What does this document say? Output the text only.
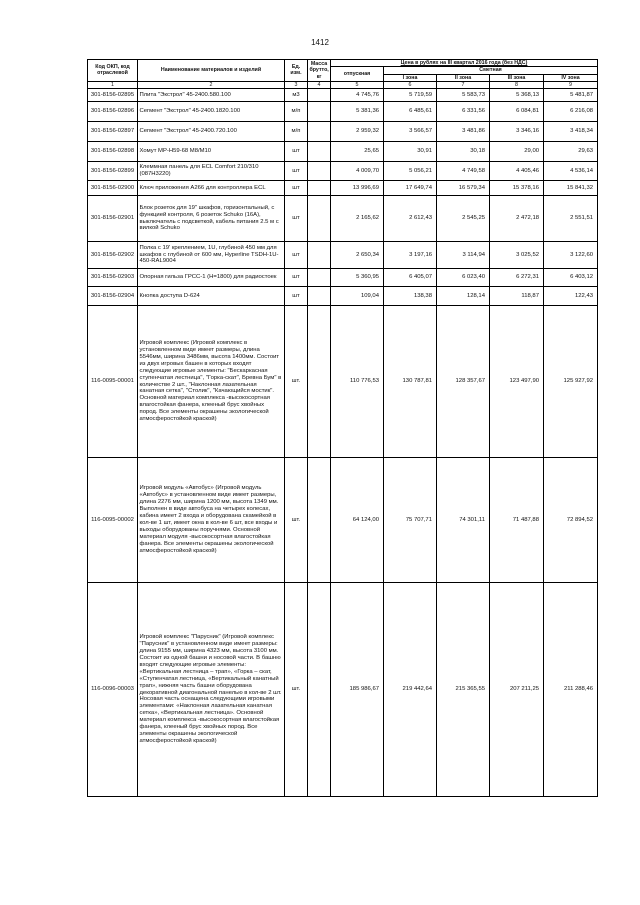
1412
Код ОКП, код отраслевой	Наименование материалов и изделий	Ед. изм.	Масса брутто, кг	Цена в рублях на III квартал 2016 года (без НДС)				
				отпускная	Сметная			
					I зона	II зона	III зона	IV зона
1	2	3	4	5	6	7	8	9
301-8156-02895	Плита "Экстрол" 45-2400.580.100	м3		4 745,76	5 719,59	5 583,73	5 368,13	5 481,87
301-8156-02896	Сегмент "Экстрол" 45-2400.1820.100	м/п		5 381,36	6 485,61	6 331,56	6 084,81	6 216,08
301-8156-02897	Сегмент "Экстрол" 45-2400.720.100	м/п		2 959,32	3 566,57	3 481,86	3 346,16	3 418,34
301-8156-02898	Хомут MP-H59-68 M8/M10	шт		25,65	30,91	30,18	29,00	29,63
301-8156-02899	Клеммная панель для ECL Comfort 210/310 (087H3220)	шт		4 009,70	5 056,21	4 749,58	4 405,46	4 536,14
301-8156-02900	Ключ приложения A266 для контроллера ECL	шт		13 996,69	17 649,74	16 579,34	15 378,16	15 841,32
301-8156-02901	Блок розеток для 19" шкафов, горизонтальный, с функцией контроля, 6 розеток Schuko (16A), выключатель с подсветкой, кабель питания 2.5 м с вилкой Schuko	шт		2 165,62	2 612,43	2 545,25	2 472,18	2 551,51
301-8156-02902	Полка с 19' креплением, 1U, глубиной 450 мм для шкафов с глубиной от 600 мм, Hyperline TSDH-1U-450-RAL9004	шт		2 650,34	3 197,16	3 114,94	3 025,52	3 122,60
301-8156-02903	Опорная гильза ГРСС-1 (Н=1800) для радиостоек	шт		5 360,95	6 405,07	6 023,40	6 272,31	6 403,12
301-8156-02904	Кнопка доступа D-624	шт		109,04	138,38	128,14	118,87	122,43
116-0095-00001	Игровой комплекс (Игровой комплекс в установленном виде имеет размеры, длина 5546мм, ширина 3486мм, высота 1400мм. Состоит из двух игровых башен в которых входят следующие игровые элементы: "Бескаркасная ступенчатая лестница", "Горка-скат", Бревна Бум" в количестве 2 шт., "Наклонная лазательная канатная сетка", "Столик", "Качающийся мостик". Основной материал комплекса -высокосортная влагостойкая фанера, клееный брус хвойных пород. Все элементы окрашены экологической атмосферостойкой краской)	шт.		110 776,53	130 787,81	128 357,67	123 497,90	125 927,92
116-0095-00002	Игровой модуль «Автобус» (Игровой модуль «Автобус» в установленном виде имеет размеры, длина 2276 мм, ширина 1200 мм, высота 1349 мм. Выполнен в виде автобуса на четырех колесах, кабина имеет 2 входа и оборудована скамейкой в кол-ве 1 шт, имеет окна в кол-ве 6 шт, все входы и выходы оборудованы поручнями. Основной материал модуля -высокосортная влагостойкая фанера. Все элементы окрашены экологической атмосферостойкой краской)	шт.		64 124,00	75 707,71	74 301,11	71 487,88	72 894,52
116-0096-00003	Игровой комплекс "Парусник" (Игровой комплекс "Парусник" в установленном виде имеет размеры: длина 9155 мм, ширина 4323 мм, высота 3100 мм. Состоит из одной башни и носовой части. В башню входят следующие игровые элементы: «Вертикальная лестница – трап», «Горка – скат, «Ступенчатая лестница, «Вертикальный канатный трап», нижняя часть башни оборудована декоративной диагональной панелью в кол-ве 2 шт. Носовая часть оснащена следующими игровыми элементами: «Наклонная лазательная канатная сетка», «Вертикальная лестница». Основной материал комплекса -высокосортная влагостойкая фанера, клееный брус хвойных пород. Все элементы окрашены экологической атмосферостойкой краской)	шт.		185 986,67	219 442,64	215 365,55	207 211,25	211 288,46
